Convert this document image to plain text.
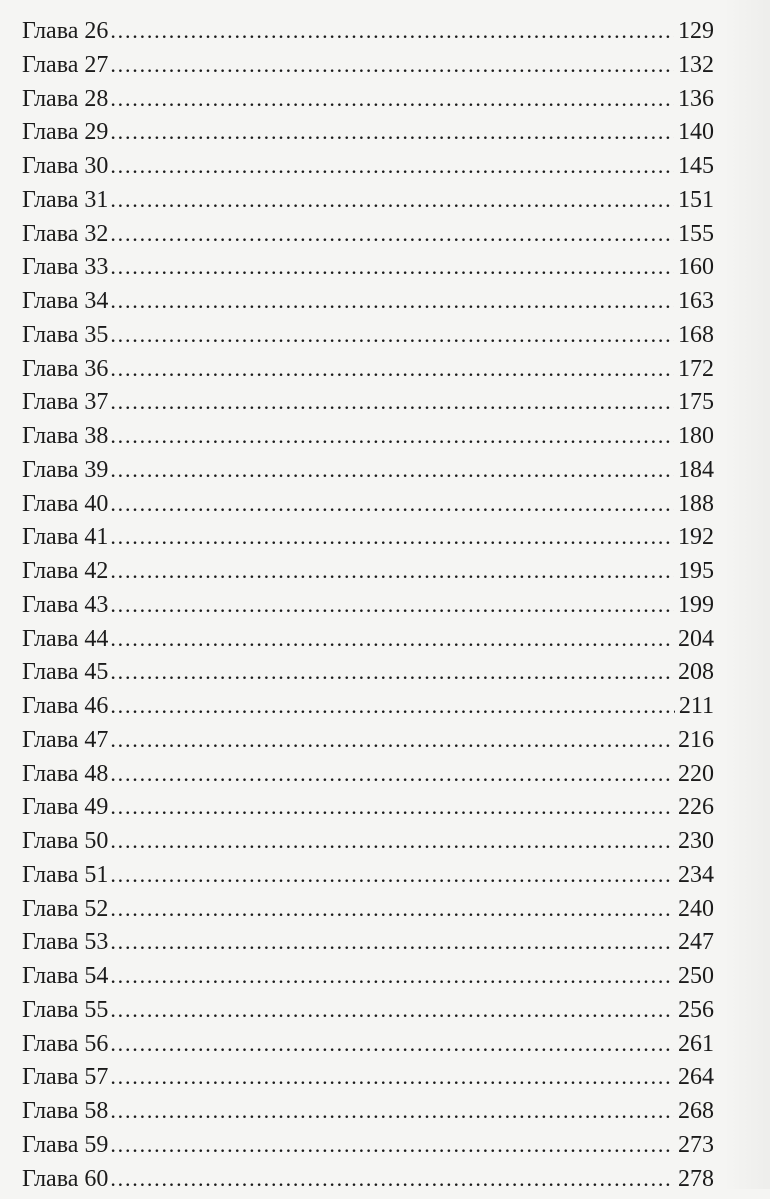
Глава 26 .....	129
Глава 27 .....	132
Глава 28 .....	136
Глава 29 .....	140
Глава 30 .....	145
Глава 31 .....	151
Глава 32 .....	155
Глава 33 .....	160
Глава 34 .....	163
Глава 35 .....	168
Глава 36 .....	172
Глава 37 .....	175
Глава 38 .....	180
Глава 39 .....	184
Глава 40 .....	188
Глава 41 .....	192
Глава 42 .....	195
Глава 43 .....	199
Глава 44 .....	204
Глава 45 .....	208
Глава 46 .....	211
Глава 47 .....	216
Глава 48 .....	220
Глава 49 .....	226
Глава 50 .....	230
Глава 51 .....	234
Глава 52 .....	240
Глава 53 .....	247
Глава 54 .....	250
Глава 55 .....	256
Глава 56 .....	261
Глава 57 .....	264
Глава 58 .....	268
Глава 59 .....	273
Глава 60 .....	278
